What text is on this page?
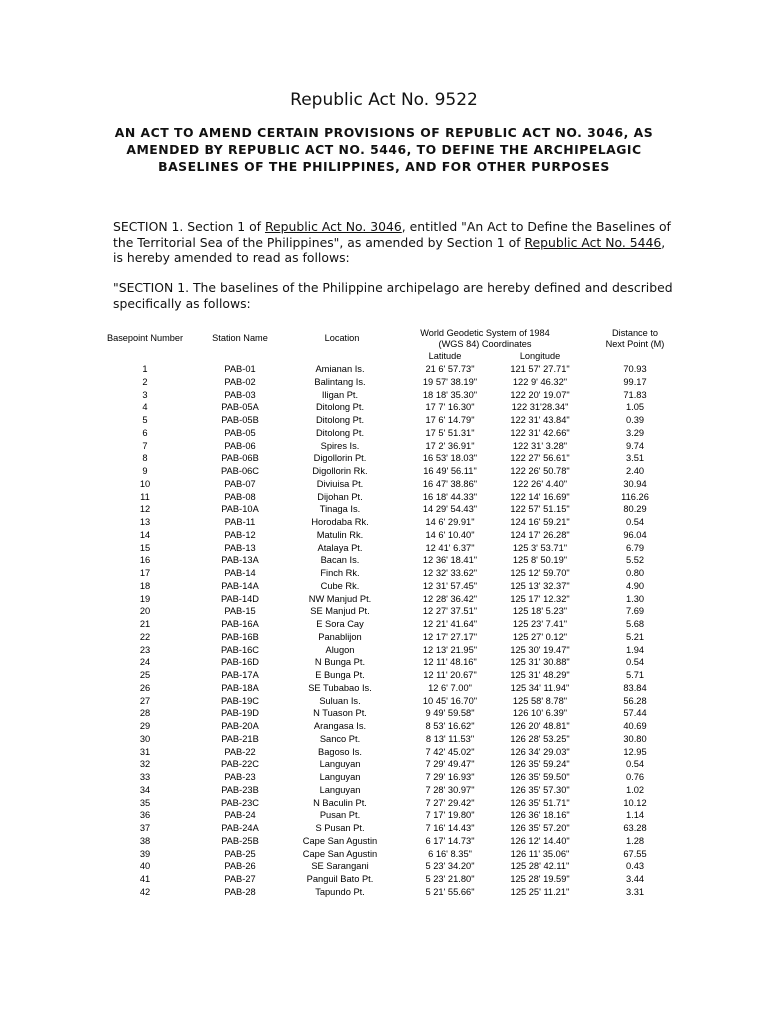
Republic Act No. 9522
AN ACT TO AMEND CERTAIN PROVISIONS OF REPUBLIC ACT NO. 3046, AS
AMENDED BY REPUBLIC ACT NO. 5446, TO DEFINE THE ARCHIPELAGIC
BASELINES OF THE PHILIPPINES, AND FOR OTHER PURPOSES
SECTION 1. Section 1 of Republic Act No. 3046, entitled "An Act to Define the Baselines of the Territorial Sea of the Philippines", as amended by Section 1 of Republic Act No. 5446, is hereby amended to read as follows:
"SECTION 1. The baselines of the Philippine archipelago are hereby defined and described specifically as follows:
Basepoint Number	Station Name	Location	World Geodetic System of 1984
(WGS 84) Coordinates
Latitude	Longitude
Distance to
Next Point (M)
1	PAB-01	Amianan Is.	21 6' 57.73"	121 57' 27.71"	70.93
2	PAB-02	Balintang Is.	19 57' 38.19"	122 9' 46.32"	99.17
3	PAB-03	Iligan Pt.	18 18' 35.30"	122 20' 19.07"	71.83
4	PAB-05A	Ditolong Pt.	17 7' 16.30"	122 31'28.34"	1.05
5	PAB-05B	Ditolong Pt.	17 6' 14.79"	122 31' 43.84"	0.39
6	PAB-05	Ditolong Pt.	17 5' 51.31"	122 31' 42.66"	3.29
7	PAB-06	Spires Is.	17 2' 36.91"	122 31' 3.28"	9.74
8	PAB-06B	Digollorin Pt.	16 53' 18.03"	122 27' 56.61"	3.51
9	PAB-06C	Digollorin Rk.	16 49' 56.11"	122 26' 50.78"	2.40
10	PAB-07	Diviuisa Pt.	16 47' 38.86"	122 26' 4.40"	30.94
11	PAB-08	Dijohan Pt.	16 18' 44.33"	122 14' 16.69"	116.26
12	PAB-10A	Tinaga Is.	14 29' 54.43"	122 57' 51.15"	80.29
13	PAB-11	Horodaba Rk.	14 6' 29.91"	124 16' 59.21"	0.54
14	PAB-12	Matulin Rk.	14 6' 10.40"	124 17' 26.28"	96.04
15	PAB-13	Atalaya Pt.	12 41' 6.37"	125 3' 53.71"	6.79
16	PAB-13A	Bacan Is.	12 36' 18.41"	125 8' 50.19"	5.52
17	PAB-14	Finch Rk.	12 32' 33.62"	125 12' 59.70"	0.80
18	PAB-14A	Cube Rk.	12 31' 57.45"	125 13' 32.37"	4.90
19	PAB-14D	NW Manjud Pt.	12 28' 36.42"	125 17' 12.32"	1.30
20	PAB-15	SE Manjud Pt.	12 27' 37.51"	125 18' 5.23"	7.69
21	PAB-16A	E Sora Cay	12 21' 41.64"	125 23' 7.41"	5.68
22	PAB-16B	Panablijon	12 17' 27.17"	125 27' 0.12"	5.21
23	PAB-16C	Alugon	12 13' 21.95"	125 30' 19.47"	1.94
24	PAB-16D	N Bunga Pt.	12 11' 48.16"	125 31' 30.88"	0.54
25	PAB-17A	E Bunga Pt.	12 11' 20.67"	125 31' 48.29"	5.71
26	PAB-18A	SE Tubabao Is.	12 6' 7.00"	125 34' 11.94"	83.84
27	PAB-19C	Suluan Is.	10 45' 16.70"	125 58' 8.78"	56.28
28	PAB-19D	N Tuason Pt.	9 49' 59.58"	126 10' 6.39"	57.44
29	PAB-20A	Arangasa Is.	8 53' 16.62"	126 20' 48.81"	40.69
30	PAB-21B	Sanco Pt.	8 13' 11.53"	126 28' 53.25"	30.80
31	PAB-22	Bagoso Is.	7 42' 45.02"	126 34' 29.03"	12.95
32	PAB-22C	Languyan	7 29' 49.47"	126 35' 59.24"	0.54
33	PAB-23	Languyan	7 29' 16.93"	126 35' 59.50"	0.76
34	PAB-23B	Languyan	7 28' 30.97"	126 35' 57.30"	1.02
35	PAB-23C	N Baculin Pt.	7 27' 29.42"	126 35' 51.71"	10.12
36	PAB-24	Pusan Pt.	7 17' 19.80"	126 36' 18.16"	1.14
37	PAB-24A	S Pusan Pt.	7 16' 14.43"	126 35' 57.20"	63.28
38	PAB-25B	Cape San Agustin	6 17' 14.73"	126 12' 14.40"	1.28
39	PAB-25	Cape San Agustin	6 16' 8.35"	126 11' 35.06"	67.55
40	PAB-26	SE Sarangani	5 23' 34.20"	125 28' 42.11"	0.43
41	PAB-27	Panguil Bato Pt.	5 23' 21.80"	125 28' 19.59"	3.44
42	PAB-28	Tapundo Pt.	5 21' 55.66"	125 25' 11.21"	3.31
